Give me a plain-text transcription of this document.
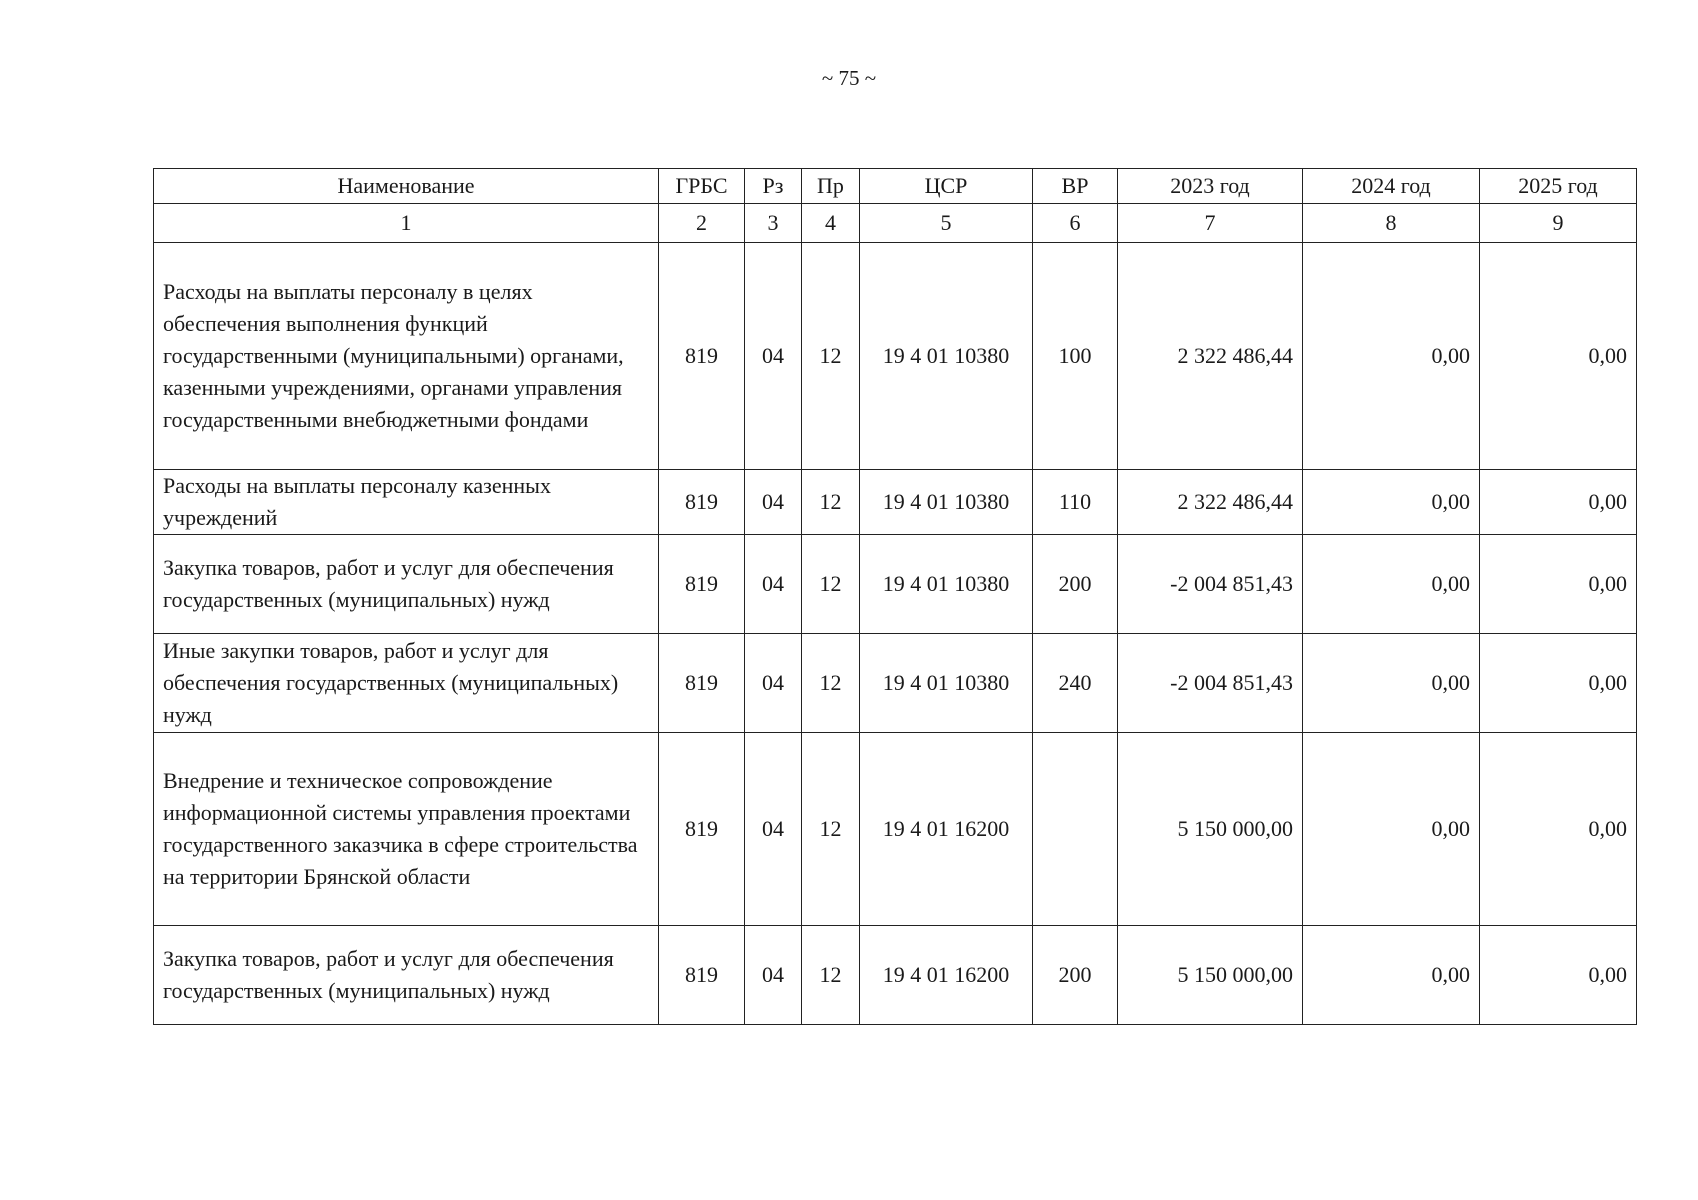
~ 75 ~
Наименование	ГРБС	Рз	Пр	ЦСР	ВР	2023 год	2024 год	2025 год
1	2	3	4	5	6	7	8	9
Расходы на выплаты персоналу в целях обеспечения выполнения функций государственными (муниципальными) органами, казенными учреждениями, органами управления государственными внебюджетными фондами	819	04	12	19 4 01 10380	100	2 322 486,44	0,00	0,00
Расходы на выплаты персоналу казенных учреждений	819	04	12	19 4 01 10380	110	2 322 486,44	0,00	0,00
Закупка товаров, работ и услуг для обеспечения государственных (муниципальных) нужд	819	04	12	19 4 01 10380	200	-2 004 851,43	0,00	0,00
Иные закупки товаров, работ и услуг для обеспечения государственных (муниципальных) нужд	819	04	12	19 4 01 10380	240	-2 004 851,43	0,00	0,00
Внедрение и техническое сопровождение информационной системы управления проектами государственного заказчика в сфере строительства на территории Брянской области	819	04	12	19 4 01 16200		5 150 000,00	0,00	0,00
Закупка товаров, работ и услуг для обеспечения государственных (муниципальных) нужд	819	04	12	19 4 01 16200	200	5 150 000,00	0,00	0,00
